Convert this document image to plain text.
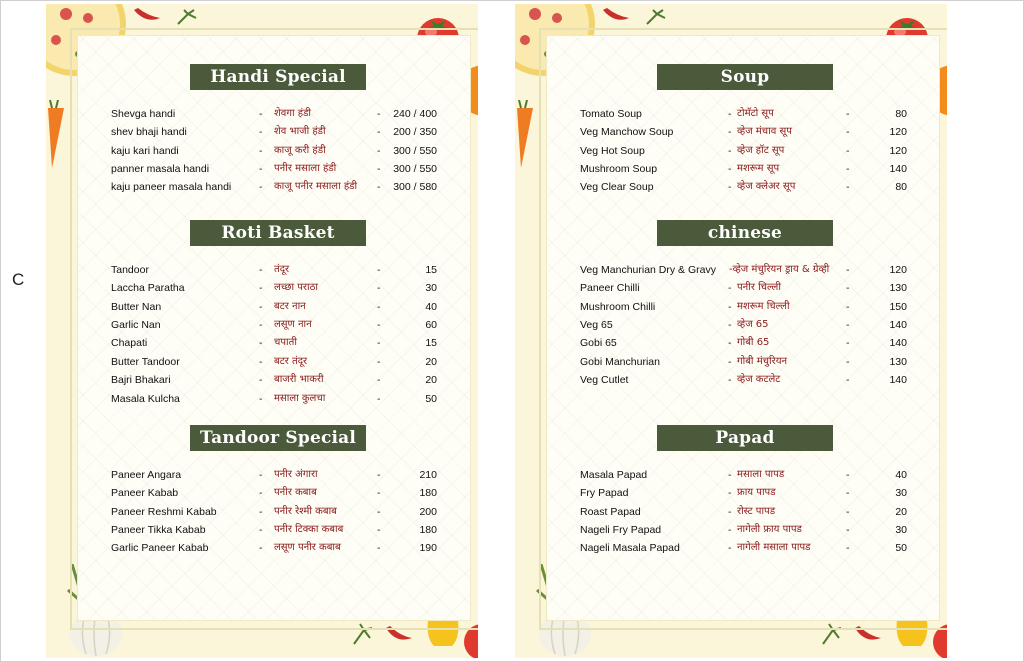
C
Handi Special
Shevga handi	- शेवगा हंडी	-	240 / 400
shev bhaji handi	- शेव भाजी हंडी	-	200 / 350
kaju kari handi	- काजू करी हंडी	-	300 / 550
panner masala handi	- पनीर मसाला हंडी	-	300 / 550
kaju paneer masala handi	- काजू पनीर मसाला हंडी -	300 / 580
Roti Basket
Tandoor	- तंदूर	-	15
Laccha Paratha	- लच्छा पराठा	-	30
Butter Nan	- बटर नान	-	40
Garlic Nan	- लसूण नान	-	60
Chapati	- चपाती	-	15
Butter Tandoor	- बटर तंदूर	-	20
Bajri Bhakari	- बाजरी भाकरी	-	20
Masala Kulcha	- मसाला कुलचा	-	50
Tandoor Special
Paneer Angara	- पनीर अंगारा	-	210
Paneer Kabab	- पनीर कबाब	-	180
Paneer Reshmi Kabab	- पनीर रेश्मी कबाब	-	200
Paneer Tikka Kabab	- पनीर टिक्का कबाब	-	180
Garlic Paneer Kabab	- लसूण पनीर कबाब	-	190
Soup
Tomato Soup	- टोमॅटो सूप	-	80
Veg Manchow Soup	- व्हेज मंचाव सूप	-	120
Veg Hot Soup	- व्हेज हॉट सूप	-	120
Mushroom Soup	- मशरूम सूप	-	140
Veg Clear Soup	- व्हेज क्लेअर सूप	-	80
chinese
Veg Manchurian Dry & Gravy -व्हेज मंचुरियन ड्राय & ग्रेव्ही -	120
Paneer Chilli	- पनीर चिल्ली	-	130
Mushroom Chilli	- मशरूम चिल्ली	-	150
Veg 65	- व्हेज 65	-	140
Gobi 65	- गोबी 65	-	140
Gobi Manchurian	- गोबी मंचुरियन	-	130
Veg Cutlet	- व्हेज कटलेट	-	140
Papad
Masala Papad	- मसाला पापड	-	40
Fry Papad	- फ्राय पापड	-	30
Roast Papad	- रोस्ट पापड	-	20
Nageli Fry Papad	- नागेली फ्राय पापड	-	30
Nageli Masala Papad	- नागेली मसाला पापड	-	50
